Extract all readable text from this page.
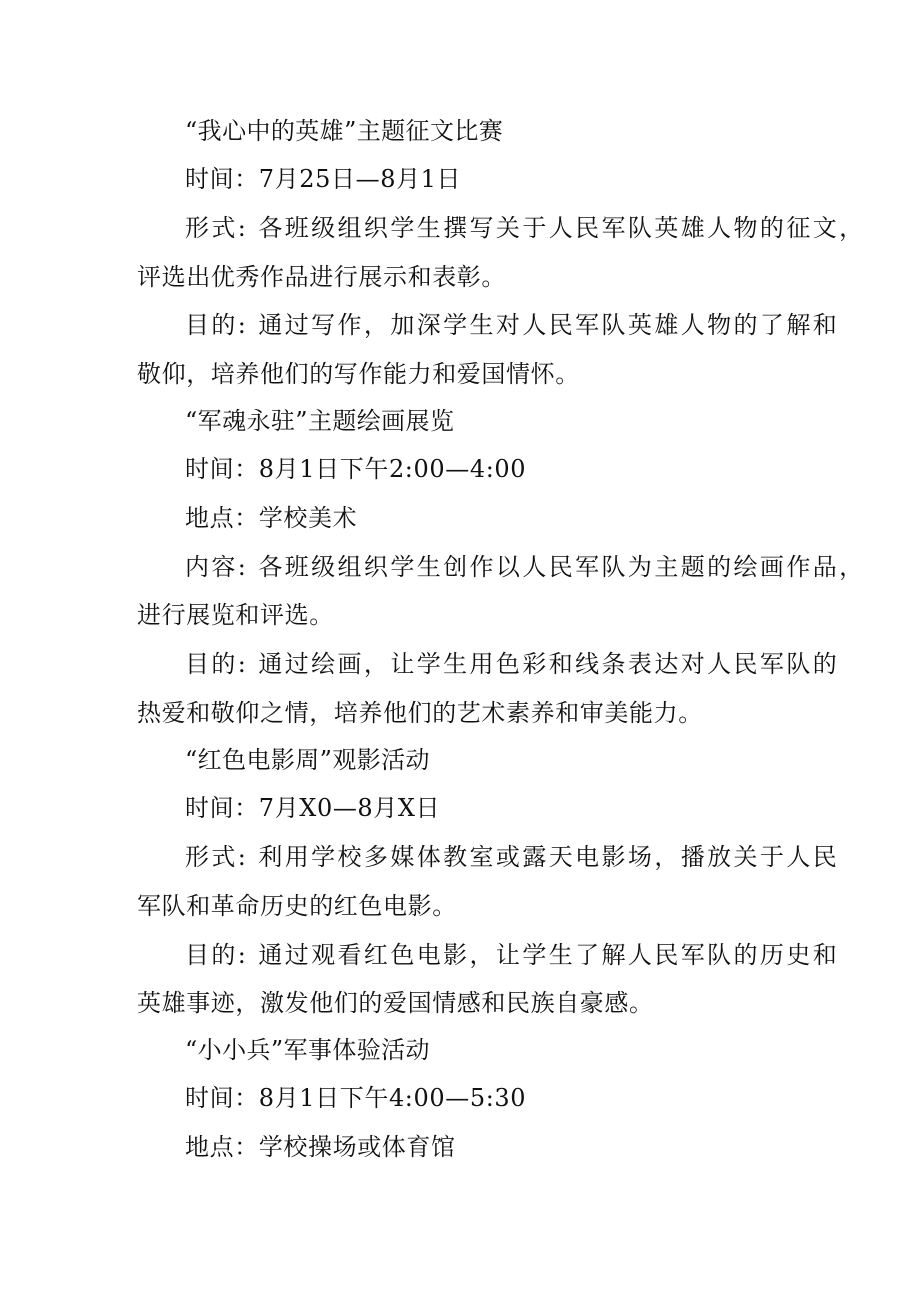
“我心中的英雄”主题征文比赛
时间：7月25日—8月1日
形式: 各班级组织学生撰写关于人民军队英雄人物的征文，
评选出优秀作品进行展示和表彰。
目的: 通过写作，加深学生对人民军队英雄人物的了解和
敬仰，培养他们的写作能力和爱国情怀。
“军魂永驻”主题绘画展览
时间：8月1日下午2:00—4:00
地点：学校美术
内容: 各班级组织学生创作以人民军队为主题的绘画作品，
进行展览和评选。
目的: 通过绘画，让学生用色彩和线条表达对人民军队的
热爱和敬仰之情，培养他们的艺术素养和审美能力。
“红色电影周”观影活动
时间：7月X0—8月X日
形式: 利用学校多媒体教室或露天电影场，播放关于人民
军队和革命历史的红色电影。
目的: 通过观看红色电影，让学生了解人民军队的历史和
英雄事迹，激发他们的爱国情感和民族自豪感。
“小小兵”军事体验活动
时间：8月1日下午4:00—5:30
地点：学校操场或体育馆
